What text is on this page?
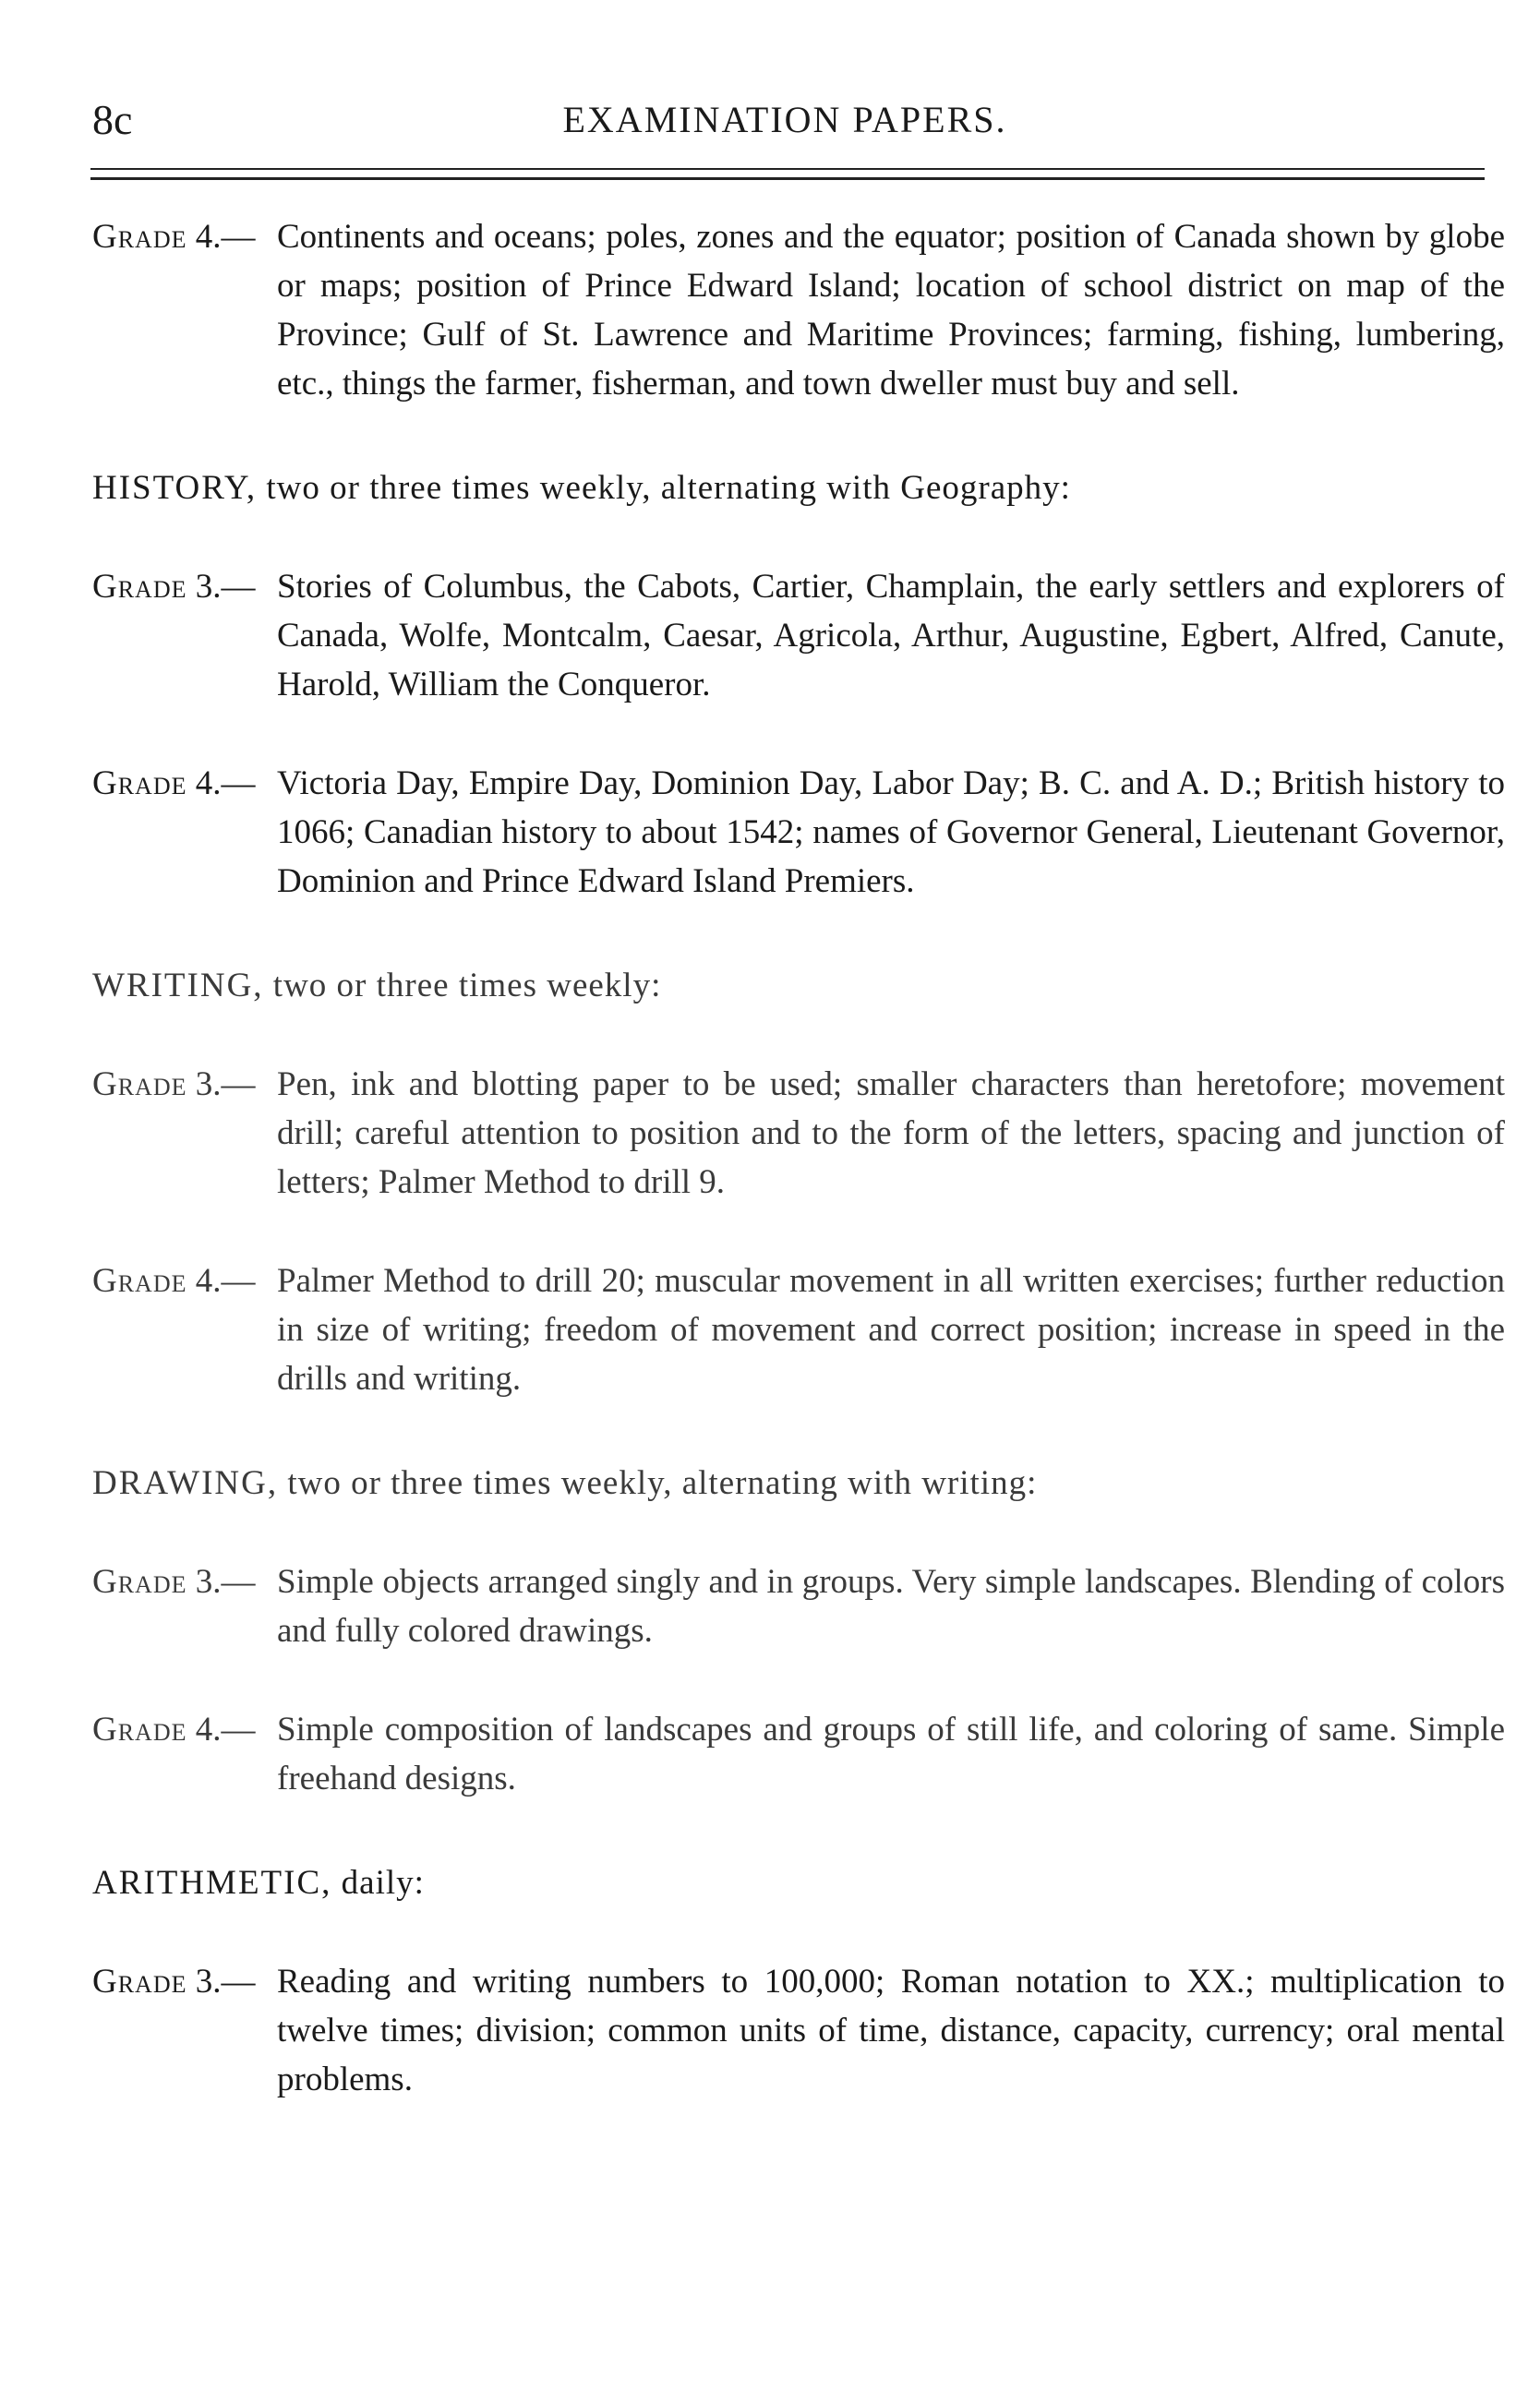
8c	EXAMINATION PAPERS.
Grade 4.— Continents and oceans; poles, zones and the equator; position of Canada shown by globe or maps; position of Prince Edward Island; location of school district on map of the Province; Gulf of St. Lawrence and Maritime Provinces; farming, fishing, lumbering, etc., things the farmer, fisherman, and town dweller must buy and sell.
HISTORY, two or three times weekly, alternating with Geography:
Grade 3.— Stories of Columbus, the Cabots, Cartier, Champlain, the early settlers and explorers of Canada, Wolfe, Montcalm, Caesar, Agricola, Arthur, Augustine, Egbert, Alfred, Canute, Harold, William the Conqueror.
Grade 4.— Victoria Day, Empire Day, Dominion Day, Labor Day; B. C. and A. D.; British history to 1066; Canadian history to about 1542; names of Governor General, Lieutenant Governor, Dominion and Prince Edward Island Premiers.
WRITING, two or three times weekly:
Grade 3.— Pen, ink and blotting paper to be used; smaller characters than heretofore; movement drill; careful attention to position and to the form of the letters, spacing and junction of letters; Palmer Method to drill 9.
Grade 4.— Palmer Method to drill 20; muscular movement in all written exercises; further reduction in size of writing; freedom of movement and correct position; increase in speed in the drills and writing.
DRAWING, two or three times weekly, alternating with writing:
Grade 3.— Simple objects arranged singly and in groups. Very simple landscapes. Blending of colors and fully colored drawings.
Grade 4.— Simple composition of landscapes and groups of still life, and coloring of same. Simple freehand designs.
ARITHMETIC, daily:
Grade 3.— Reading and writing numbers to 100,000; Roman notation to XX.; multiplication to twelve times; division; common units of time, distance, capacity, currency; oral mental problems.
